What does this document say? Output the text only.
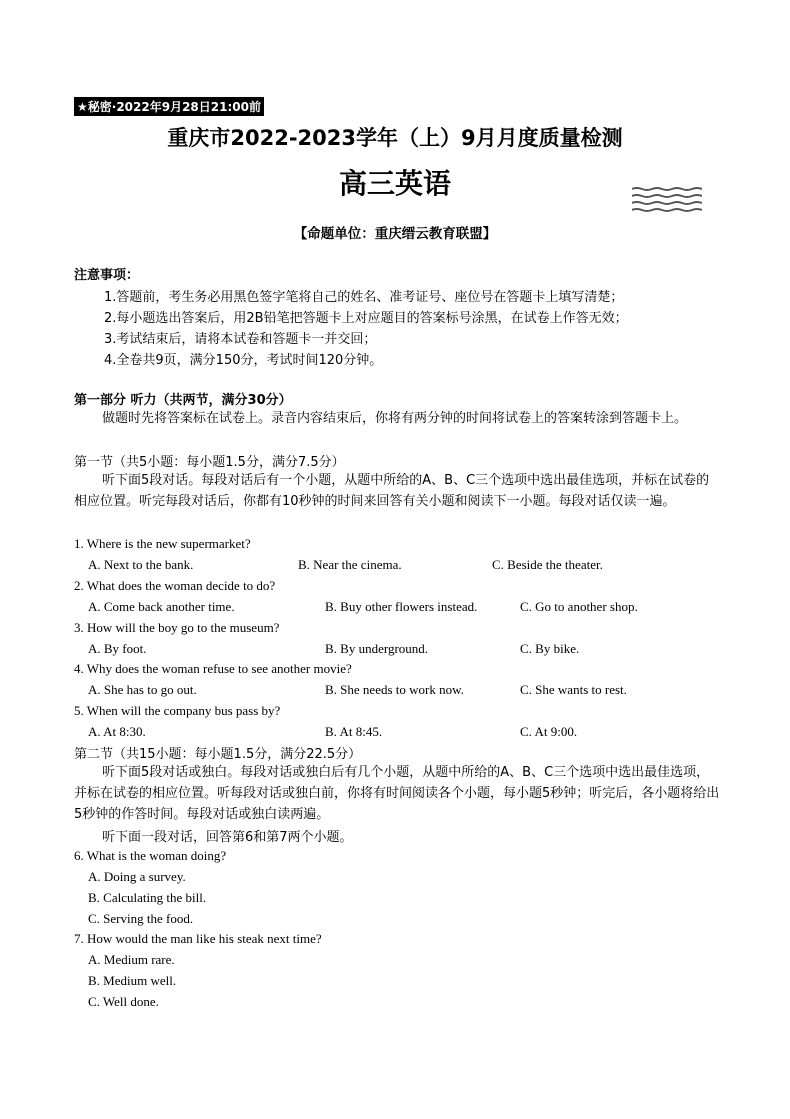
★秘密·2022年9月28日21:00前
重庆市2022-2023学年（上）9月月度质量检测
高三英语
【命题单位：重庆缙云教育联盟】
注意事项：
1.答题前，考生务必用黑色签字笔将自己的姓名、准考证号、座位号在答题卡上填写清楚；
2.每小题选出答案后，用2B铅笔把答题卡上对应题目的答案标号涂黑，在试卷上作答无效；
3.考试结束后，请将本试卷和答题卡一并交回；
4.全卷共9页，满分150分，考试时间120分钟。
第一部分 听力（共两节，满分30分）
做题时先将答案标在试卷上。录音内容结束后，你将有两分钟的时间将试卷上的答案转涂到答题卡上。
第一节（共5小题：每小题1.5分，满分7.5分）
听下面5段对话。每段对话后有一个小题，从题中所给的A、B、C三个选项中选出最佳选项，并标在试卷的相应位置。听完每段对话后，你都有10秒钟的时间来回答有关小题和阅读下一小题。每段对话仅读一遍。
1. Where is the new supermarket?
A. Next to the bank.	B. Near the cinema.	C. Beside the theater.
2. What does the woman decide to do?
A. Come back another time.	B. Buy other flowers instead.	C. Go to another shop.
3. How will the boy go to the museum?
A. By foot.	B. By underground.	C. By bike.
4. Why does the woman refuse to see another movie?
A. She has to go out.	B. She needs to work now.	C. She wants to rest.
5. When will the company bus pass by?
A. At 8:30.	B. At 8:45.	C. At 9:00.
第二节（共15小题：每小题1.5分，满分22.5分）
听下面5段对话或独白。每段对话或独白后有几个小题，从题中所给的A、B、C三个选项中选出最佳选项，并标在试卷的相应位置。听每段对话或独白前，你将有时间阅读各个小题，每小题5秒钟；听完后，各小题将给出5秒钟的作答时间。每段对话或独白读两遍。
听下面一段对话，回答第6和第7两个小题。
6. What is the woman doing?
A. Doing a survey.
B. Calculating the bill.
C. Serving the food.
7. How would the man like his steak next time?
A. Medium rare.
B. Medium well.
C. Well done.
